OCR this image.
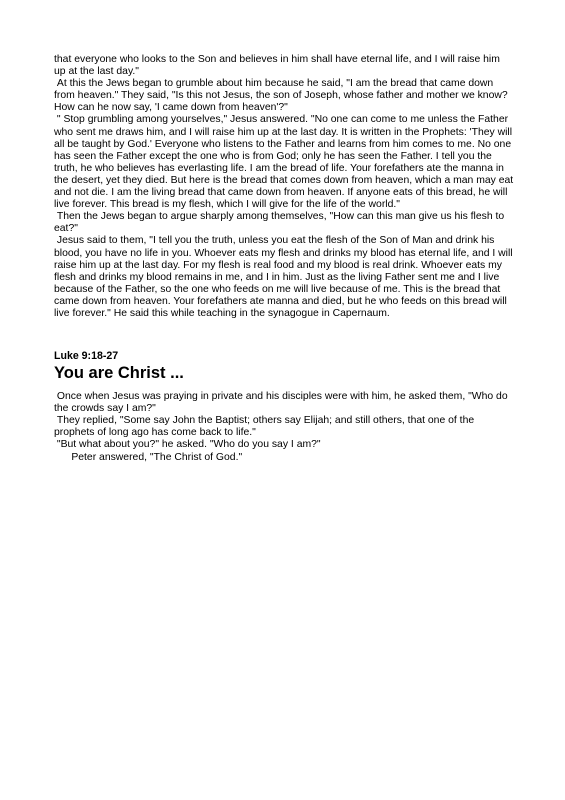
that everyone who looks to the Son and believes in him shall have eternal life, and I will raise him up at the last day."

At this the Jews began to grumble about him because he said, "I am the bread that came down from heaven." They said, "Is this not Jesus, the son of Joseph, whose father and mother we know? How can he now say, 'I came down from heaven'?"

" Stop grumbling among yourselves," Jesus answered. "No one can come to me unless the Father who sent me draws him, and I will raise him up at the last day. It is written in the Prophets: 'They will all be taught by God.' Everyone who listens to the Father and learns from him comes to me. No one has seen the Father except the one who is from God; only he has seen the Father. I tell you the truth, he who believes has everlasting life. I am the bread of life. Your forefathers ate the manna in the desert, yet they died. But here is the bread that comes down from heaven, which a man may eat and not die. I am the living bread that came down from heaven. If anyone eats of this bread, he will live forever. This bread is my flesh, which I will give for the life of the world."

Then the Jews began to argue sharply among themselves, "How can this man give us his flesh to eat?"

Jesus said to them, "I tell you the truth, unless you eat the flesh of the Son of Man and drink his blood, you have no life in you. Whoever eats my flesh and drinks my blood has eternal life, and I will raise him up at the last day. For my flesh is real food and my blood is real drink. Whoever eats my flesh and drinks my blood remains in me, and I in him. Just as the living Father sent me and I live because of the Father, so the one who feeds on me will live because of me. This is the bread that came down from heaven. Your forefathers ate manna and died, but he who feeds on this bread will live forever." He said this while teaching in the synagogue in Capernaum.

Luke 9:18-27

You are Christ ...

Once when Jesus was praying in private and his disciples were with him, he asked them, "Who do the crowds say I am?"

They replied, "Some say John the Baptist; others say Elijah; and still others, that one of the prophets of long ago has come back to life."

"But what about you?" he asked. "Who do you say I am?"

Peter answered, "The Christ of God."
